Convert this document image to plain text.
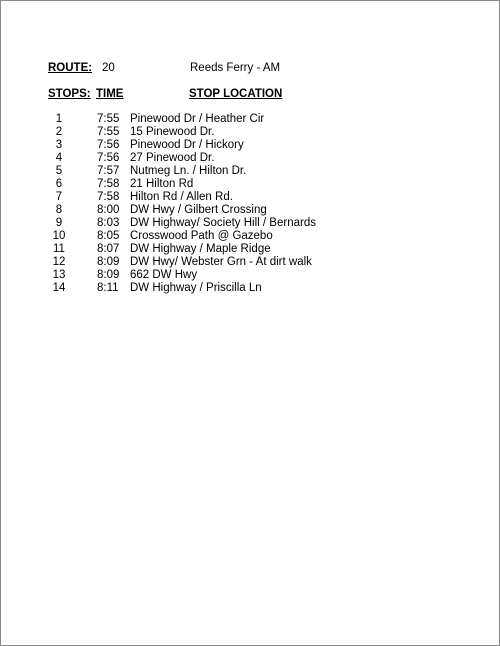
ROUTE: 20	Reeds Ferry - AM
STOPS: TIME	STOP LOCATION
1	7:55 Pinewood Dr / Heather Cir
2	7:55 15 Pinewood Dr.
3	7:56 Pinewood Dr / Hickory
4	7:56 27 Pinewood Dr.
5	7:57 Nutmeg Ln. / Hilton Dr.
6	7:58 21 Hilton Rd
7	7:58 Hilton Rd / Allen Rd.
8	8:00 DW Hwy / Gilbert Crossing
9	8:03 DW Highway/ Society Hill / Bernards
10	8:05 Crosswood Path @ Gazebo
11	8:07 DW Highway / Maple Ridge
12	8:09 DW Hwy/ Webster Grn - At dirt walk
13	8:09 662 DW Hwy
14	8:11 DW Highway / Priscilla Ln
